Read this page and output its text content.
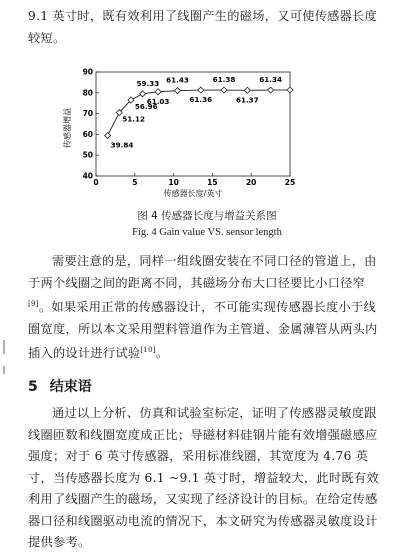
9.1 英寸时，既有效利用了线圈产生的磁场，又可使传感器长度较短。
0	5	10	15	20	25
40
50
60
70
80
90
39.84
51.12
56.96
59.33
61.03
61.43
61.36
61.38
61.37
61.34
传感器长度/英寸
传感器增益
图 4 传感器长度与增益关系图
Fig. 4 Gain value VS. sensor length
需要注意的是，同样一组线圈安装在不同口径的管道上，由于两个线圈之间的距离不同，其磁场分布大口径要比小口径窄[9]。如果采用正常的传感器设计，不可能实现传感器长度小于线圈宽度，所以本文采用塑料管道作为主管道、金属薄管从两头内插入的设计进行试验[10]。
5 结束语
通过以上分析、仿真和试验室标定，证明了传感器灵敏度跟线圈匝数和线圈宽度成正比；导磁材料硅钢片能有效增强磁感应强度；对于 6 英寸传感器，采用标准线圈，其宽度为 4.76 英寸，当传感器长度为 6.1 ~9.1 英寸时，增益较大，此时既有效利用了线圈产生的磁场，又实现了经济设计的目标。在给定传感器口径和线圈驱动电流的情况下，本文研究为传感器灵敏度设计提供参考。
